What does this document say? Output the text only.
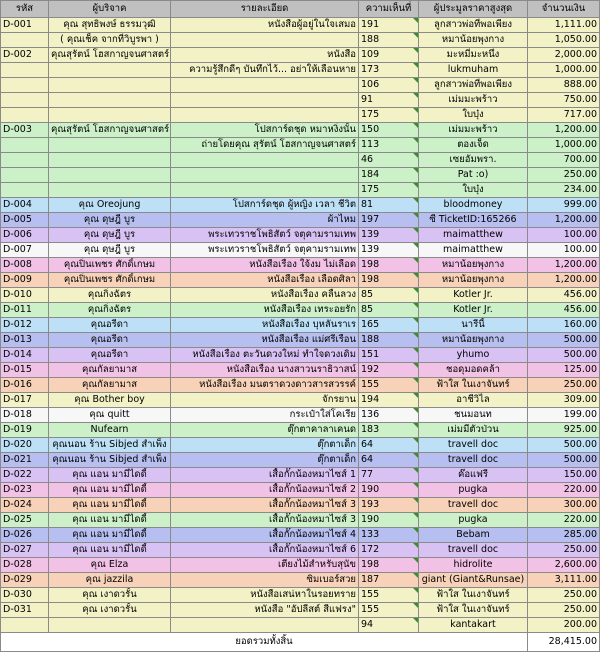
รหัส	ผู้บริจาค	รายละเอียด	ความเห็นที่	ผู้ประมูลราคาสูงสุด	จำนวนเงิน
D-001	คุณ สุทธิพงษ์ ธรรมวุฒิ	หนังสือผู้อยู่ในใจเสมอ	191	ลูกสาวพ่อที่พอเพียง	1,111.00
	( คุณเช็ค จากที่วิบูรพา )		188	หมาน้อยพุงกาง	1,050.00
D-002	คุณสุรัตน์ โฮสกาญจนศาสตร์	หนังสือ	109	มะหมี่มะหนึ่ง	2,000.00
		ความรู้สึกดีๆ บันทึกไว้... อย่าให้เลือนหาย	173	lukmuham	1,000.00
			106	ลูกสาวพ่อที่พอเพียง	888.00
			91	เม่มมะพร้าว	750.00
			175	ใบบุ๋ง	717.00
D-003	คุณสุรัตน์ โฮสกาญจนศาสตร์	โปสการ์ดชุด หมาหงิ่งนั้น	150	เม่มมะพร้าว	1,200.00
		ถ่ายโดยคุณ สุรัตน์ โฮสกาญจนศาสตร์	113	ตองเจ็ด	1,000.00
			46	เซยอัมพรา.	700.00
			184	Pat :o)	250.00
			175	ใบบุ๋ง	234.00
D-004	คุณ Oreojung	โปสการ์ดชุด ผู้หญิง เวลา ชีวิต	81	bloodmoney	999.00
D-005	คุณ ดุษฎี บูร	ผ้าไหม	197	ซี TicketID:165266	1,200.00
D-006	คุณ ดุษฎี บูร	พระเทวราชโพธิสัตว์ จตุคามรามเทพ	139	maimatthew	100.00
D-007	คุณ ดุษฎี บูร	พระเทวราชโพธิสัตว์ จตุคามรามเทพ	139	maimatthew	100.00
D-008	คุณปิ่นเพชร ศักดิ์เกษม	หนังสือเรื่อง ใจ้งม ไม่เลือด	198	หมาน้อยพุงกาง	1,200.00
D-009	คุณปิ่นเพชร ศักดิ์เกษม	หนังสือเรื่อง เลือดศิลา	198	หมาน้อยพุงกาง	1,200.00
D-010	คุณกิ่งฉัตร	หนังสือเรื่อง คลื่นลวง	85	Kotler Jr.	456.00
D-011	คุณกิ่งฉัตร	หนังสือเรื่อง เทระอยรัก	85	Kotler Jr.	456.00
D-012	คุณอรีดา	หนังสือเรื่อง บุหลันราเร	165	นารีนี้	160.00
D-013	คุณอรีดา	หนังสือเรื่อง แม่ศรีเรือน	188	หมาน้อยพุงกาง	500.00
D-014	คุณอรีดา	หนังสือเรื่อง ตะวันดวงใหม่ ทำใจดวงเดิม	151	yhumo	500.00
D-015	คุณกัลยามาส	หนังสือเรื่อง นางสาวนราธิวาสน์	192	ชอดุมอดคล้า	125.00
D-016	คุณกัลยามาส	หนังสือเรื่อง มนตราดวงดาวสารสวรรค์	155	ฟ้าใส ในเงาจันทร์	250.00
D-017	คุณ Bother boy	จักรยาน	194	อาชีวิไล	309.00
D-018	คุณ quitt	กระเป๋าใส่โคเรีย	136	ชนมอนท	199.00
D-019	Nufearn	ตุ๊กตาคาลาเคนด	183	เม่มมีตัวป่วน	925.00
D-020	คุณนอน ร้าน Sibjed สำเพ็ง	ตุ๊กตาเด็ก	64	travell doc	500.00
D-021	คุณนอน ร้าน Sibjed สำเพ็ง	ตุ๊กตาเด็ก	64	travell doc	500.00
D-022	คุณ แอน มามี่ไดดี้	เสื้อกั๊กน้องหมาไซส์ 1	77	ค๊อแฟรี	150.00
D-023	คุณ แอน มามี่ไดดี้	เสื้อกั๊กน้องหมาไซส์ 2	190	pugka	220.00
D-024	คุณ แอน มามี่ไดดี้	เสื้อกั๊กน้องหมาไซส์ 3	193	travell doc	300.00
D-025	คุณ แอน มามี่ไดดี้	เสื้อกั๊กน้องหมาไซส์ 3	190	pugka	220.00
D-026	คุณ แอน มามี่ไดดี้	เสื้อกั๊กน้องหมาไซส์ 4	133	Bebam	285.00
D-027	คุณ แอน มามี่ไดดี้	เสื้อกั๊กน้องหมาไซส์ 6	172	travell doc	250.00
D-028	คุณ Elza	เตียงไม้สำหรับสุนัข	198	hidrolite	2,600.00
D-029	คุณ jazzila	ซิมเบอร์สวย	187	giant (Giant&Runsae)	3,111.00
D-030	คุณ เงาดวรั้น	หนังสือเสน่หาในรอยทราย	155	ฟ้าใส ในเงาจันทร์	250.00
D-031	คุณ เงาดวรั้น	หนังสือ "อัปลีสต์ สีแฟรง"	155	ฟ้าใส ในเงาจันทร์	250.00
			94	kantakart	200.00
ยอดรวมทั้งสิ้น					28,415.00
